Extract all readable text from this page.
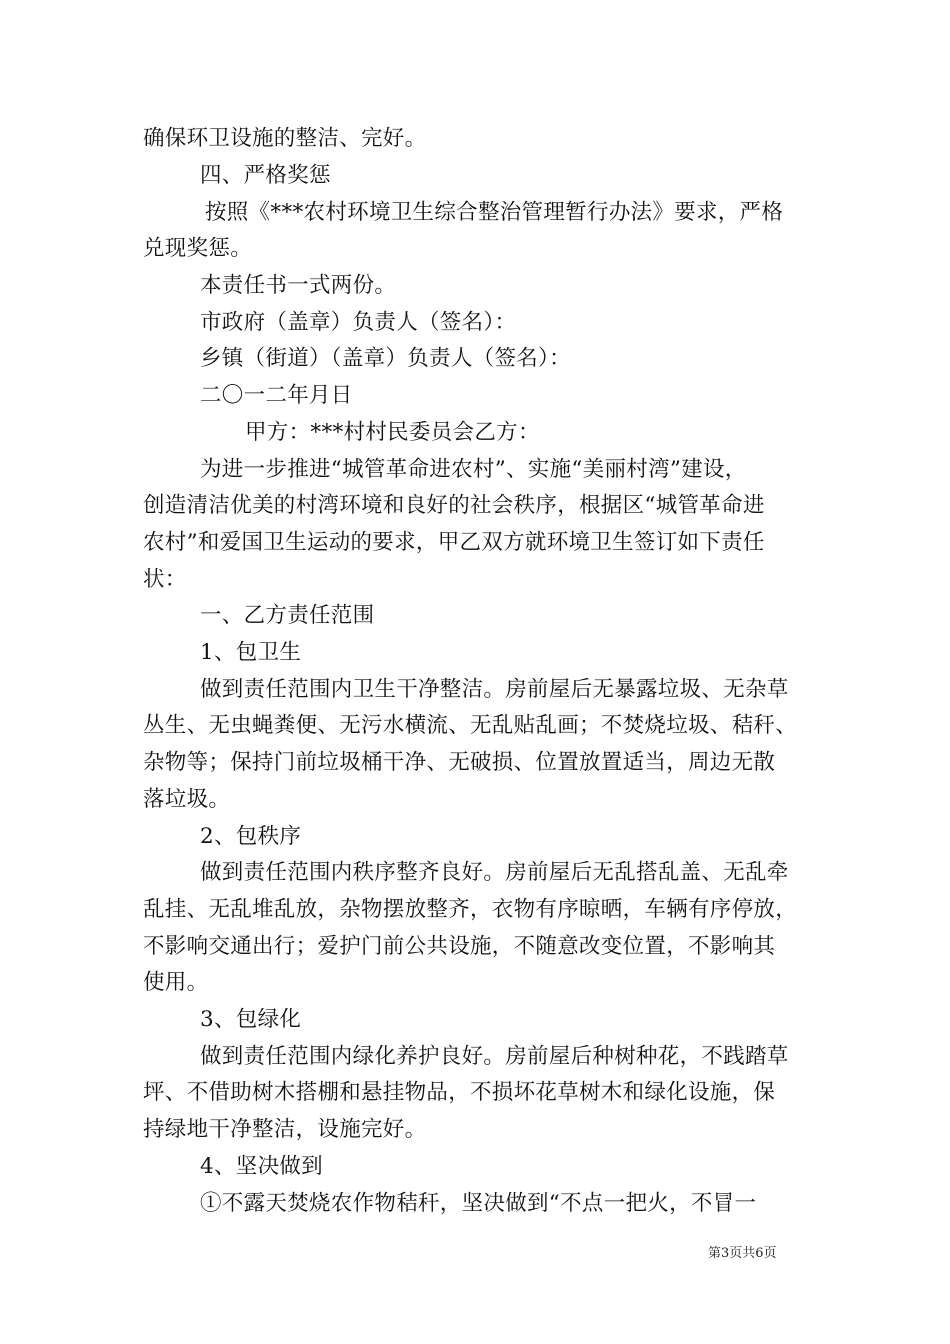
确保环卫设施的整洁、完好。
四、严格奖惩
按照《***农村环境卫生综合整治管理暂行办法》要求，严格
兑现奖惩。
本责任书一式两份。
市政府（盖章）负责人（签名）：
乡镇（街道）（盖章）负责人（签名）：
二〇一二年月日
甲方：***村村民委员会乙方：
为进一步推进“城管革命进农村”、实施“美丽村湾”建设，
创造清洁优美的村湾环境和良好的社会秩序，根据区“城管革命进
农村”和爱国卫生运动的要求，甲乙双方就环境卫生签订如下责任
状：
一、乙方责任范围
1、包卫生
做到责任范围内卫生干净整洁。房前屋后无暴露垃圾、无杂草
丛生、无虫蝇粪便、无污水横流、无乱贴乱画；不焚烧垃圾、秸秆、
杂物等；保持门前垃圾桶干净、无破损、位置放置适当，周边无散
落垃圾。
2、包秩序
做到责任范围内秩序整齐良好。房前屋后无乱搭乱盖、无乱牵
乱挂、无乱堆乱放，杂物摆放整齐，衣物有序晾晒，车辆有序停放，
不影响交通出行；爱护门前公共设施，不随意改变位置，不影响其
使用。
3、包绿化
做到责任范围内绿化养护良好。房前屋后种树种花，不践踏草
坪、不借助树木搭棚和悬挂物品，不损坏花草树木和绿化设施，保
持绿地干净整洁，设施完好。
4、坚决做到
①不露天焚烧农作物秸秆，坚决做到“不点一把火，不冒一
第3页共6页
